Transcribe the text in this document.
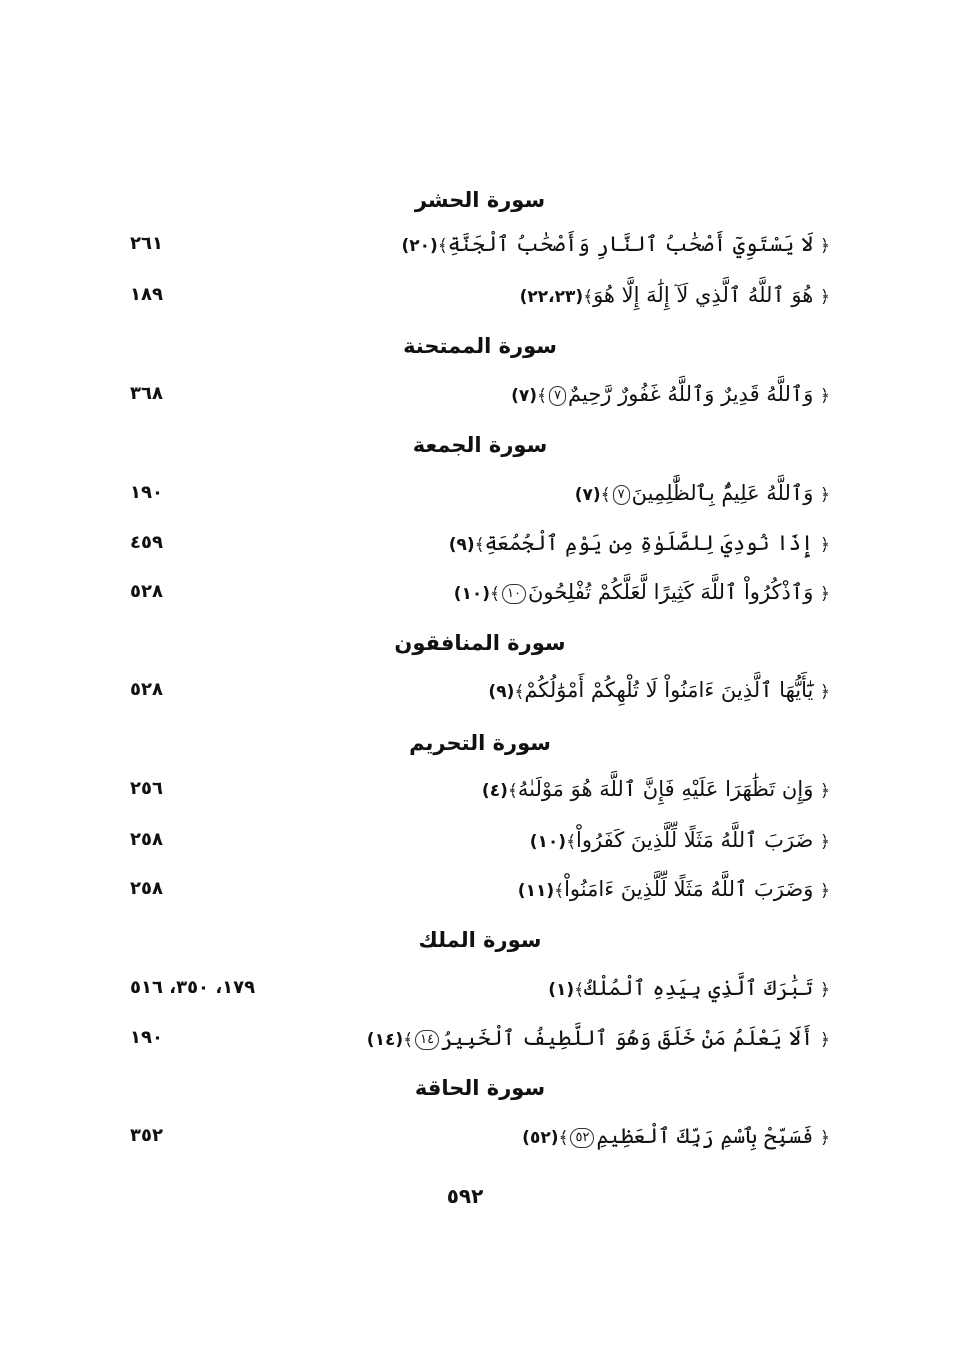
سورة الحشر
٢٦١	﴿ لَا يَسْتَوِيٓ أَصْحَٰبُ ٱلنَّارِ وَأَصْحَٰبُ ٱلْجَنَّةِ﴾(٢٠)
١٨٩	﴿ هُوَ ٱللَّهُ ٱلَّذِي لَآ إِلَٰهَ إِلَّا هُوَ﴾(٢٢،٢٣)
سورة الممتحنة
٣٦٨	﴿ وَٱللَّهُ قَدِيرٌ وَٱللَّهُ غَفُورٌ رَّحِيمٌ٧﴾(٧)
سورة الجمعة
١٩٠	﴿ وَٱللَّهُ عَلِيمٌۢ بِٱلظَّٰلِمِينَ٧﴾(٧)
٤٥٩	﴿ إِذَا نُودِيَ لِلصَّلَوٰةِ مِن يَوْمِ ٱلْجُمُعَةِ﴾(٩)
٥٢٨	﴿ وَٱذْكُرُواْ ٱللَّهَ كَثِيرًا لَّعَلَّكُمْ تُفْلِحُونَ١٠﴾(١٠)
سورة المنافقون
٥٢٨	﴿ يَٰٓأَيُّهَا ٱلَّذِينَ ءَامَنُواْ لَا تُلْهِكُمْ أَمْوَٰلُكُمْ﴾(٩)
سورة التحريم
٢٥٦	﴿ وَإِن تَظَٰهَرَا عَلَيْهِ فَإِنَّ ٱللَّهَ هُوَ مَوْلَىٰهُ﴾(٤)
٢٥٨	﴿ ضَرَبَ ٱللَّهُ مَثَلًا لِّلَّذِينَ كَفَرُواْ﴾(١٠)
٢٥٨	﴿ وَضَرَبَ ٱللَّهُ مَثَلًا لِّلَّذِينَ ءَامَنُواْ﴾(١١)
سورة الملك
١٧٩، ٣٥٠، ٥١٦	﴿ تَبَٰرَكَ ٱلَّذِي بِيَدِهِ ٱلْمُلْكُ﴾(١)
١٩٠	﴿ أَلَا يَعْلَمُ مَنْ خَلَقَ وَهُوَ ٱللَّطِيفُ ٱلْخَبِيرُ١٤﴾(١٤)
سورة الحاقة
٣٥٢	﴿ فَسَبِّحْ بِٱسْمِ رَبِّكَ ٱلْعَظِيمِ٥٢﴾(٥٢)
٥٩٢
